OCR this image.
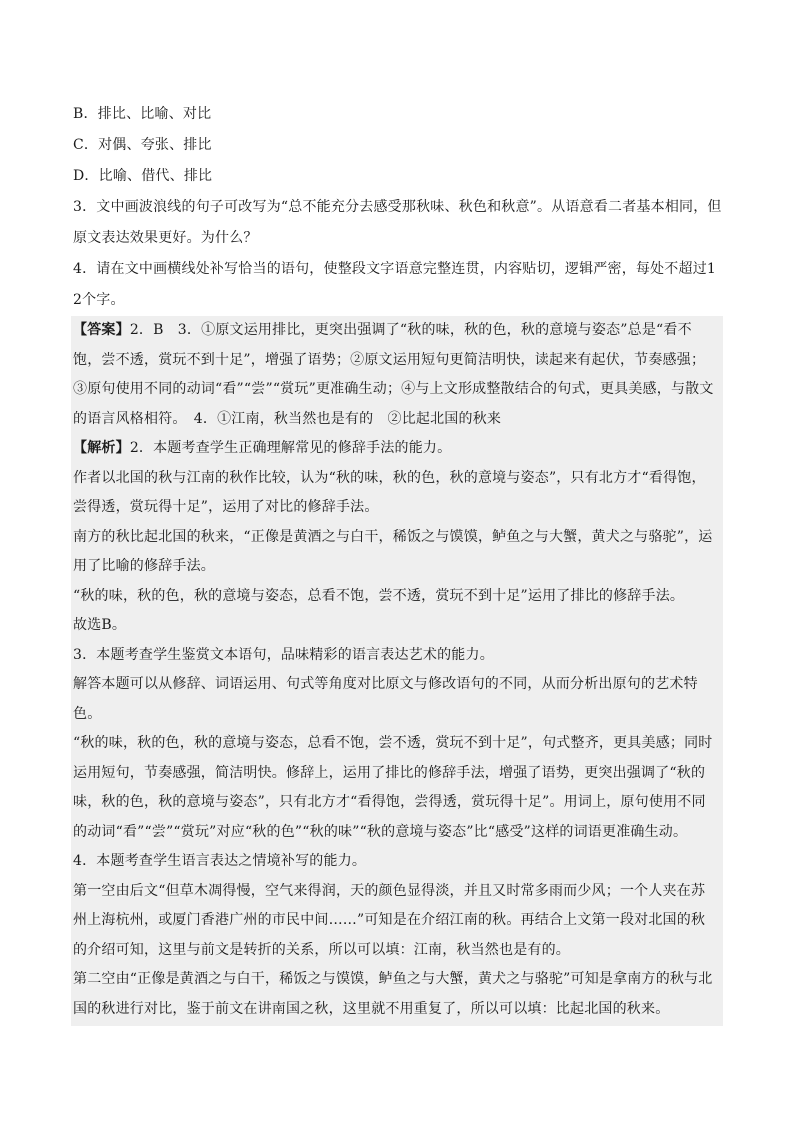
B．排比、比喻、对比

C．对偶、夸张、排比

D．比喻、借代、排比

3．文中画波浪线的句子可改写为“总不能充分去感受那秋味、秋色和秋意”。从语意看二者基本相同，但原文表达效果更好。为什么？

4．请在文中画横线处补写恰当的语句，使整段文字语意完整连贯，内容贴切，逻辑严密，每处不超过12个字。

【答案】2．B　3．①原文运用排比，更突出强调了“秋的味，秋的色，秋的意境与姿态”总是“看不饱，尝不透，赏玩不到十足”，增强了语势；②原文运用短句更简洁明快，读起来有起伏，节奏感强；③原句使用不同的动词“看”“尝”“赏玩”更准确生动；④与上文形成整散结合的句式，更具美感，与散文的语言风格相符。　4．①江南，秋当然也是有的　②比起北国的秋来

【解析】2．本题考查学生正确理解常见的修辞手法的能力。

作者以北国的秋与江南的秋作比较，认为“秋的味，秋的色，秋的意境与姿态”，只有北方才“看得饱，尝得透，赏玩得十足”，运用了对比的修辞手法。

南方的秋比起北国的秋来，“正像是黄酒之与白干，稀饭之与馍馍，鲈鱼之与大蟹，黄犬之与骆驼”，运用了比喻的修辞手法。

“秋的味，秋的色，秋的意境与姿态，总看不饱，尝不透，赏玩不到十足”运用了排比的修辞手法。

故选B。

3．本题考查学生鉴赏文本语句，品味精彩的语言表达艺术的能力。

解答本题可以从修辞、词语运用、句式等角度对比原文与修改语句的不同，从而分析出原句的艺术特色。

“秋的味，秋的色，秋的意境与姿态，总看不饱，尝不透，赏玩不到十足”，句式整齐，更具美感；同时运用短句，节奏感强，简洁明快。修辞上，运用了排比的修辞手法，增强了语势，更突出强调了“秋的味，秋的色，秋的意境与姿态”，只有北方才“看得饱，尝得透，赏玩得十足”。用词上，原句使用不同的动词“看”“尝”“赏玩”对应“秋的色”“秋的味”“秋的意境与姿态”比“感受”这样的词语更准确生动。

4．本题考查学生语言表达之情境补写的能力。

第一空由后文“但草木凋得慢，空气来得润，天的颜色显得淡，并且又时常多雨而少风；一个人夹在苏州上海杭州，或厦门香港广州的市民中间……”可知是在介绍江南的秋。再结合上文第一段对北国的秋的介绍可知，这里与前文是转折的关系，所以可以填：江南，秋当然也是有的。

第二空由“正像是黄酒之与白干，稀饭之与馍馍，鲈鱼之与大蟹，黄犬之与骆驼”可知是拿南方的秋与北国的秋进行对比，鉴于前文在讲南国之秋，这里就不用重复了，所以可以填：比起北国的秋来。
